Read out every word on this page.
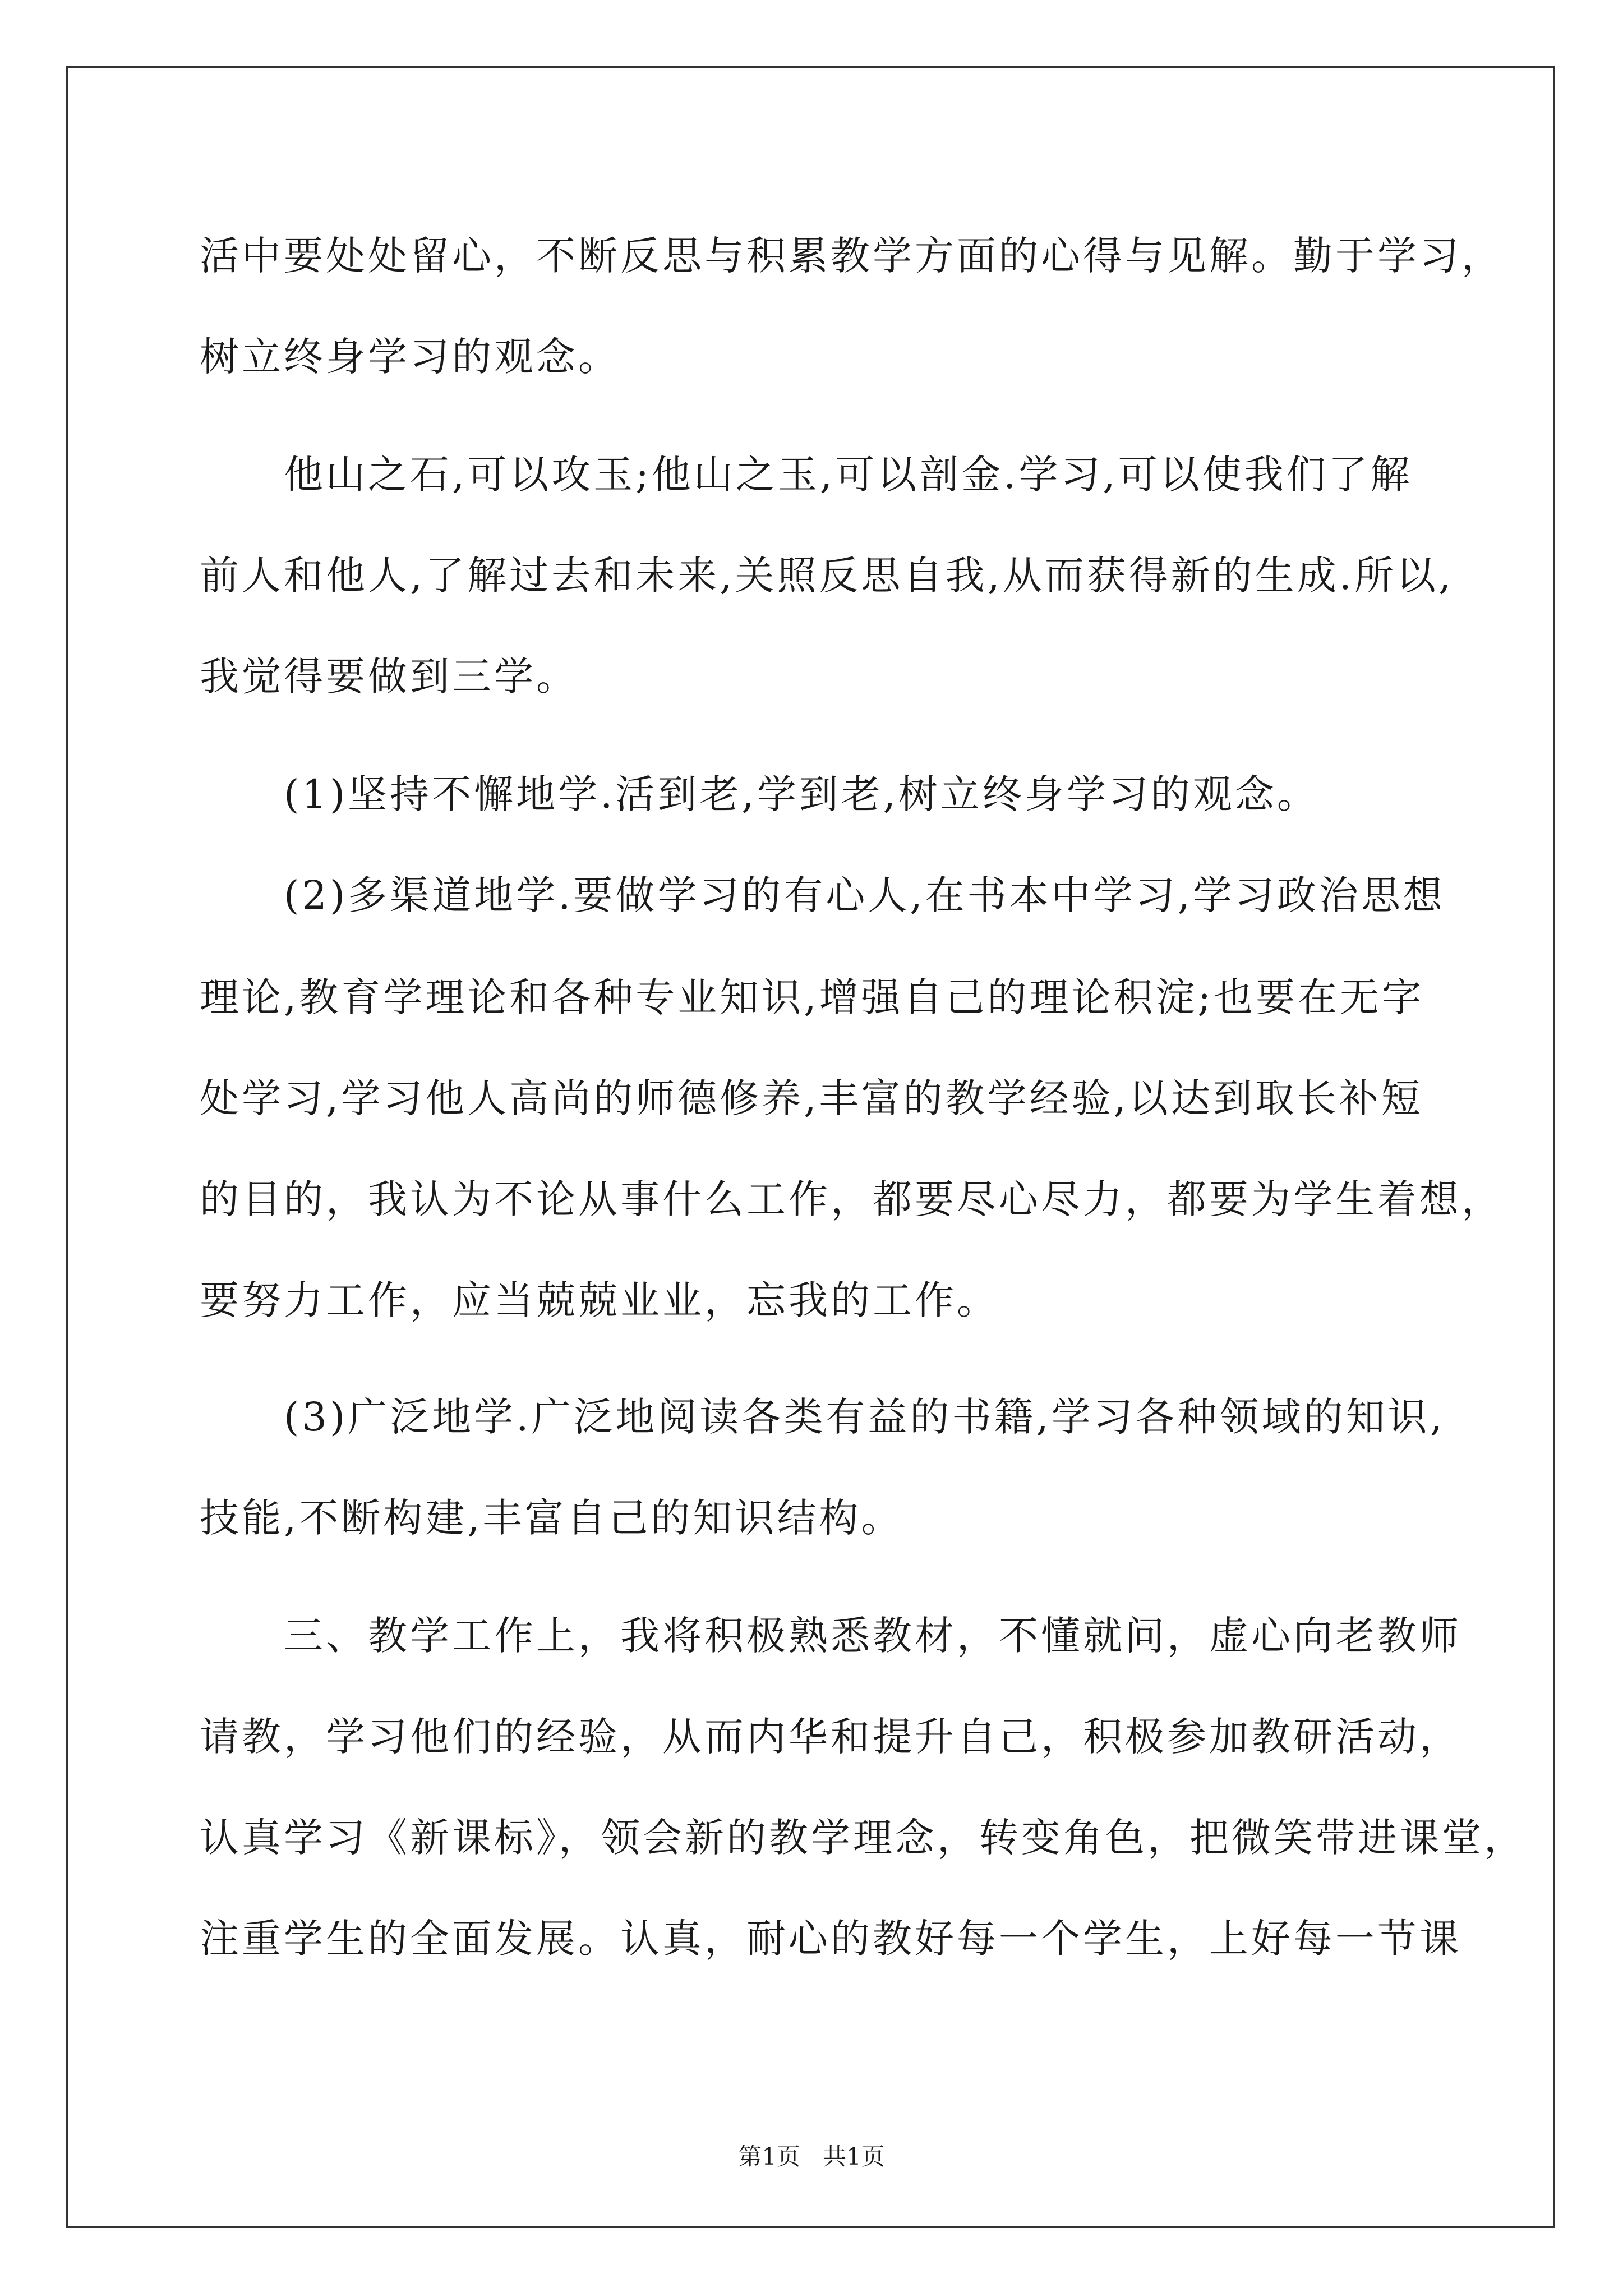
活中要处处留心，不断反思与积累教学方面的心得与见解。勤于学习，
树立终身学习的观念。
他山之石,可以攻玉;他山之玉,可以剖金.学习,可以使我们了解
前人和他人,了解过去和未来,关照反思自我,从而获得新的生成.所以,
我觉得要做到三学。
(1)坚持不懈地学.活到老,学到老,树立终身学习的观念。
(2)多渠道地学.要做学习的有心人,在书本中学习,学习政治思想
理论,教育学理论和各种专业知识,增强自己的理论积淀;也要在无字
处学习,学习他人高尚的师德修养,丰富的教学经验,以达到取长补短
的目的，我认为不论从事什么工作，都要尽心尽力，都要为学生着想，
要努力工作，应当兢兢业业，忘我的工作。
(3)广泛地学.广泛地阅读各类有益的书籍,学习各种领域的知识,
技能,不断构建,丰富自己的知识结构。
三、教学工作上，我将积极熟悉教材，不懂就问，虚心向老教师
请教，学习他们的经验，从而内华和提升自己，积极参加教研活动，
认真学习《新课标》，领会新的教学理念，转变角色，把微笑带进课堂，
注重学生的全面发展。认真，耐心的教好每一个学生，上好每一节课
第1页   共1页
